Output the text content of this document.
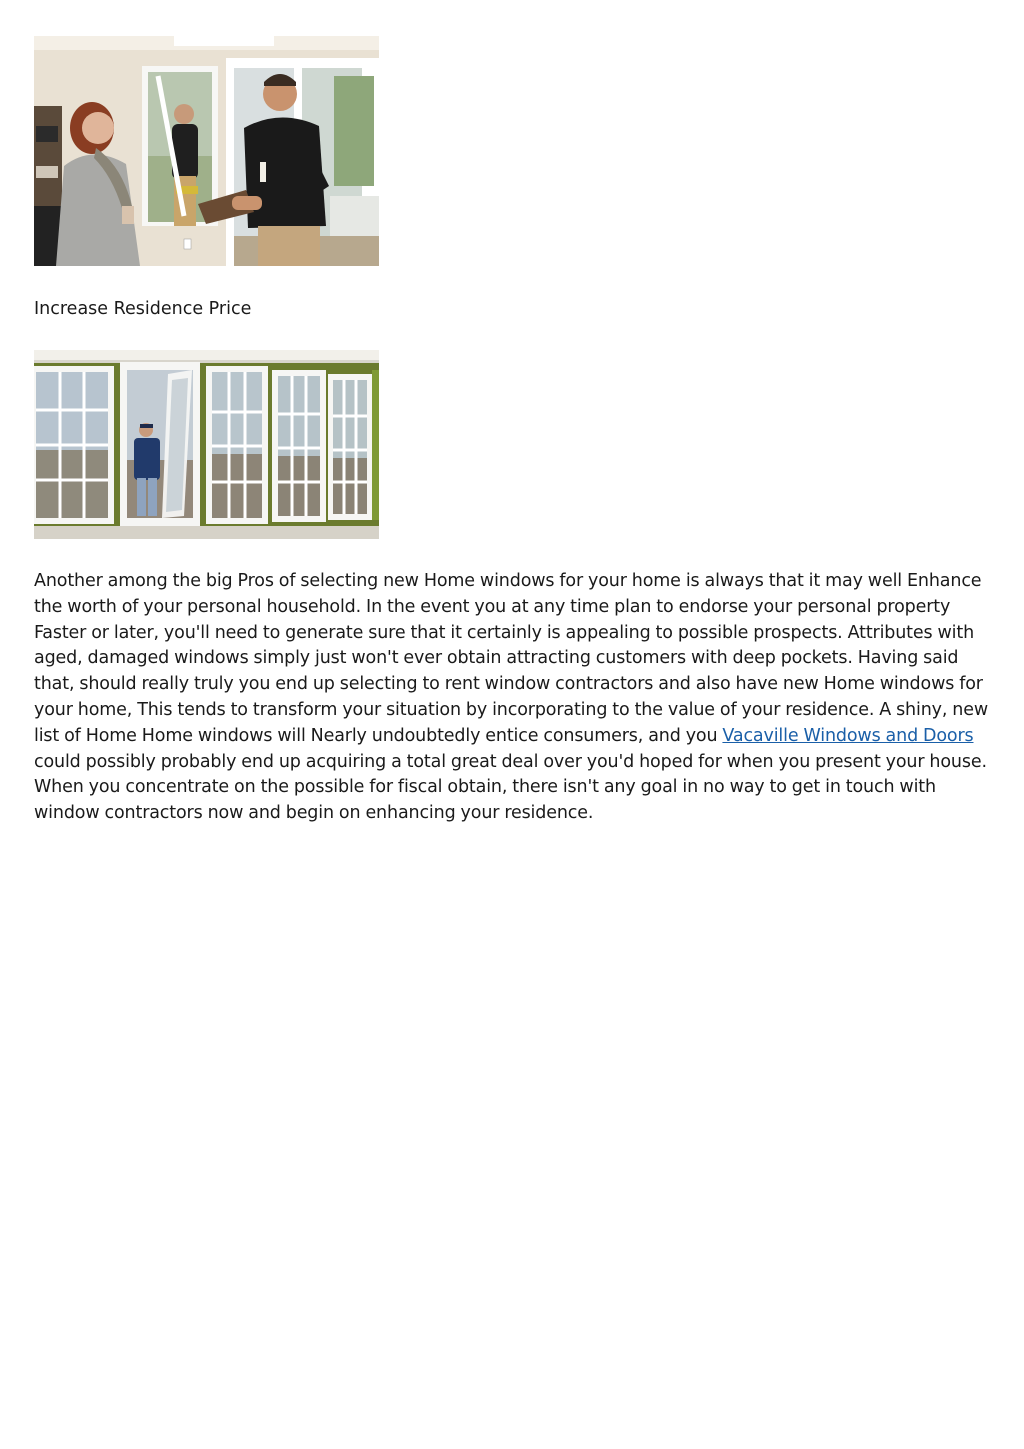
Increase Residence Price

Another among the big Pros of selecting new Home windows for your home is always that it may well Enhance the worth of your personal household. In the event you at any time plan to endorse your personal property Faster or later, you'll need to generate sure that it certainly is appealing to possible prospects. Attributes with aged, damaged windows simply just won't ever obtain attracting customers with deep pockets. Having said that, should really truly you end up selecting to rent window contractors and also have new Home windows for your home, This tends to transform your situation by incorporating to the value of your residence. A shiny, new list of Home Home windows will Nearly undoubtedly entice consumers, and you Vacaville Windows and Doors could possibly probably end up acquiring a total great deal over you'd hoped for when you present your house. When you concentrate on the possible for fiscal obtain, there isn't any goal in no way to get in touch with window contractors now and begin on enhancing your residence.
